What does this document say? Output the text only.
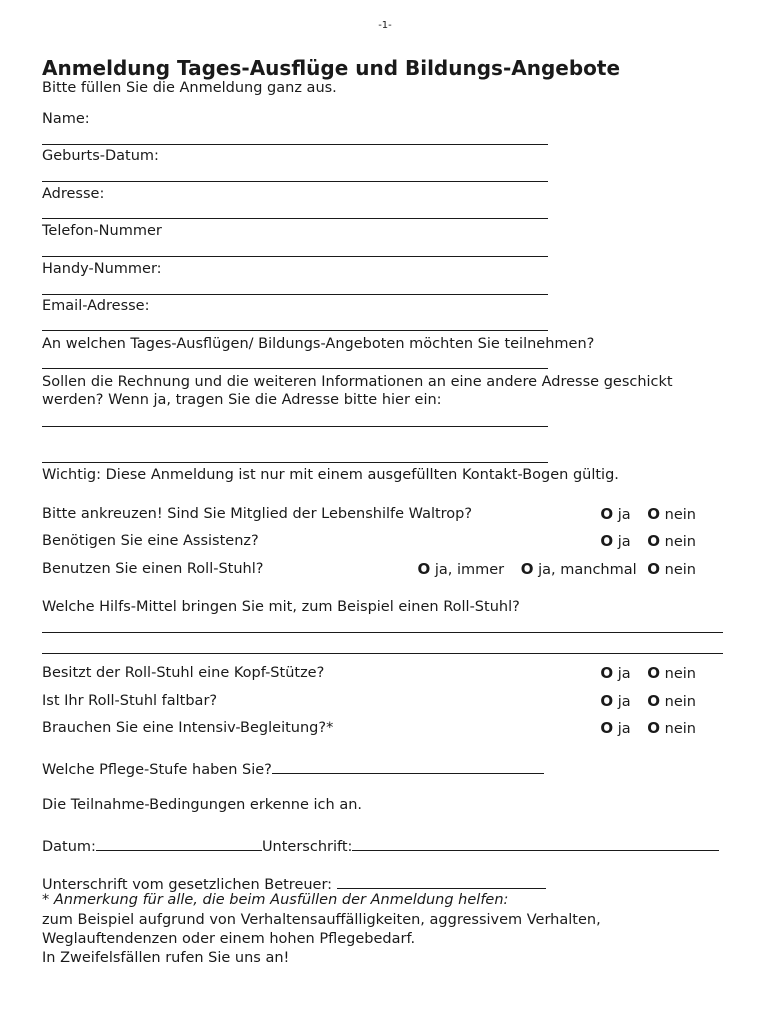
-1-
Anmeldung Tages-Ausflüge und Bildungs-Angebote
Bitte füllen Sie die Anmeldung ganz aus.
Name:
Geburts-Datum:
Adresse:
Telefon-Nummer
Handy-Nummer:
Email-Adresse:
An welchen Tages-Ausflügen/ Bildungs-Angeboten möchten Sie teilnehmen?
Sollen die Rechnung und die weiteren Informationen an eine andere Adresse geschickt
werden? Wenn ja, tragen Sie die Adresse bitte hier ein:
Wichtig: Diese Anmeldung ist nur mit einem ausgefüllten Kontakt-Bogen gültig.
Bitte ankreuzen! Sind Sie Mitglied der Lebenshilfe Waltrop?	O ja O nein
Benötigen Sie eine Assistenz?	O ja O nein
Benutzen Sie einen Roll-Stuhl?	O ja, immer O ja, manchmal O nein
Welche Hilfs-Mittel bringen Sie mit, zum Beispiel einen Roll-Stuhl?
Besitzt der Roll-Stuhl eine Kopf-Stütze?	O ja O nein
Ist Ihr Roll-Stuhl faltbar?	O ja O nein
Brauchen Sie eine Intensiv-Begleitung?*	O ja O nein
Welche Pflege-Stufe haben Sie?
Die Teilnahme-Bedingungen erkenne ich an.
Datum:	Unterschrift:
Unterschrift vom gesetzlichen Betreuer:
* Anmerkung für alle, die beim Ausfüllen der Anmeldung helfen:
zum Beispiel aufgrund von Verhaltensauffälligkeiten, aggressivem Verhalten,
Weglauftendenzen oder einem hohen Pflegebedarf.
In Zweifelsfällen rufen Sie uns an!
